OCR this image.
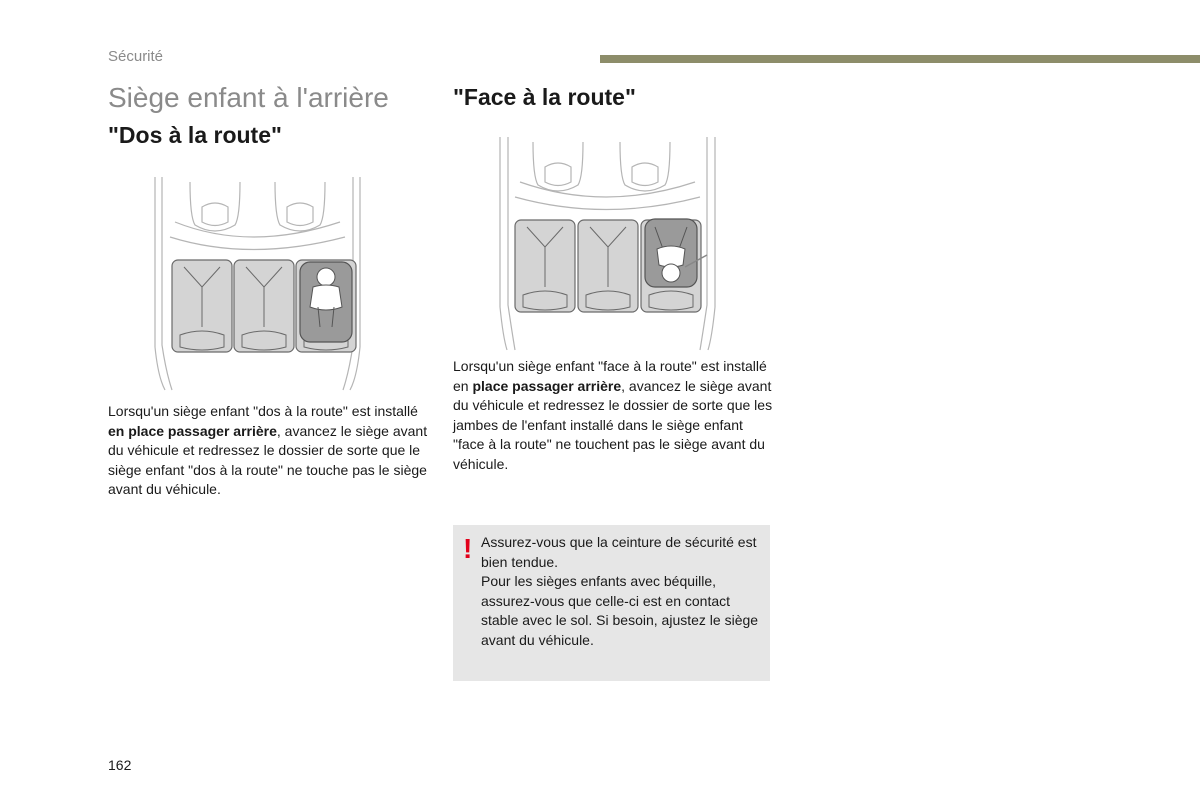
Sécurité
Siège enfant à l'arrière
"Dos à la route"
Lorsqu'un siège enfant "dos à la route" est installé en place passager arrière, avancez le siège avant du véhicule et redressez le dossier de sorte que le siège enfant "dos à la route" ne touche pas le siège avant du véhicule.
"Face à la route"
Lorsqu'un siège enfant "face à la route" est installé en place passager arrière, avancez le siège avant du véhicule et redressez le dossier de sorte que les jambes de l'enfant installé dans le siège enfant "face à la route" ne touchent pas le siège avant du véhicule.
! Assurez-vous que la ceinture de sécurité est bien tendue.
Pour les sièges enfants avec béquille, assurez-vous que celle-ci est en contact stable avec le sol. Si besoin, ajustez le siège avant du véhicule.
162
